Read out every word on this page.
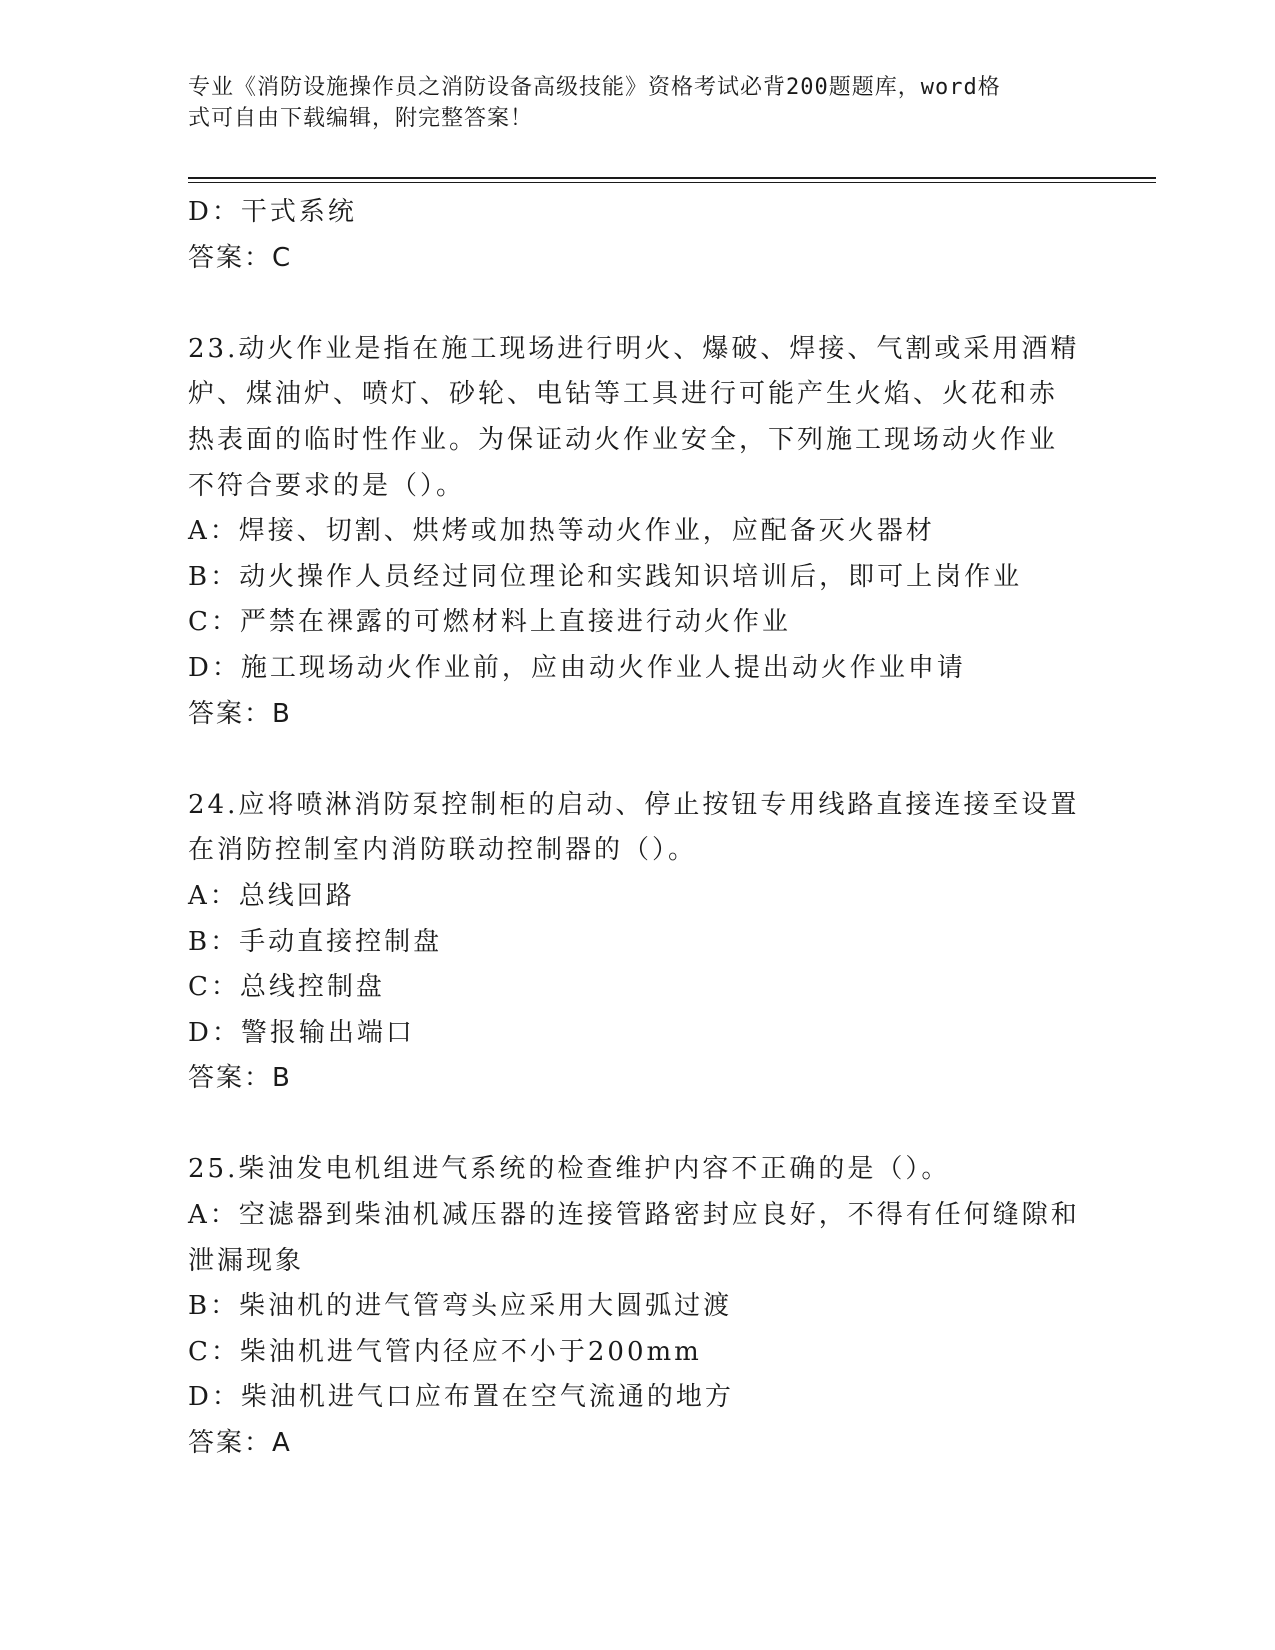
专业《消防设施操作员之消防设备高级技能》资格考试必背200题题库，word格
式可自由下载编辑，附完整答案！
D：干式系统
答案：C
23.动火作业是指在施工现场进行明火、爆破、焊接、气割或采用酒精
炉、煤油炉、喷灯、砂轮、电钻等工具进行可能产生火焰、火花和赤
热表面的临时性作业。为保证动火作业安全，下列施工现场动火作业
不符合要求的是（）。
A：焊接、切割、烘烤或加热等动火作业，应配备灭火器材
B：动火操作人员经过同位理论和实践知识培训后，即可上岗作业
C：严禁在裸露的可燃材料上直接进行动火作业
D：施工现场动火作业前，应由动火作业人提出动火作业申请
答案：B
24.应将喷淋消防泵控制柜的启动、停止按钮专用线路直接连接至设置
在消防控制室内消防联动控制器的（）。
A：总线回路
B：手动直接控制盘
C：总线控制盘
D：警报输出端口
答案：B
25.柴油发电机组进气系统的检查维护内容不正确的是（）。
A：空滤器到柴油机减压器的连接管路密封应良好，不得有任何缝隙和
泄漏现象
B：柴油机的进气管弯头应采用大圆弧过渡
C：柴油机进气管内径应不小于200mm
D：柴油机进气口应布置在空气流通的地方
答案：A
